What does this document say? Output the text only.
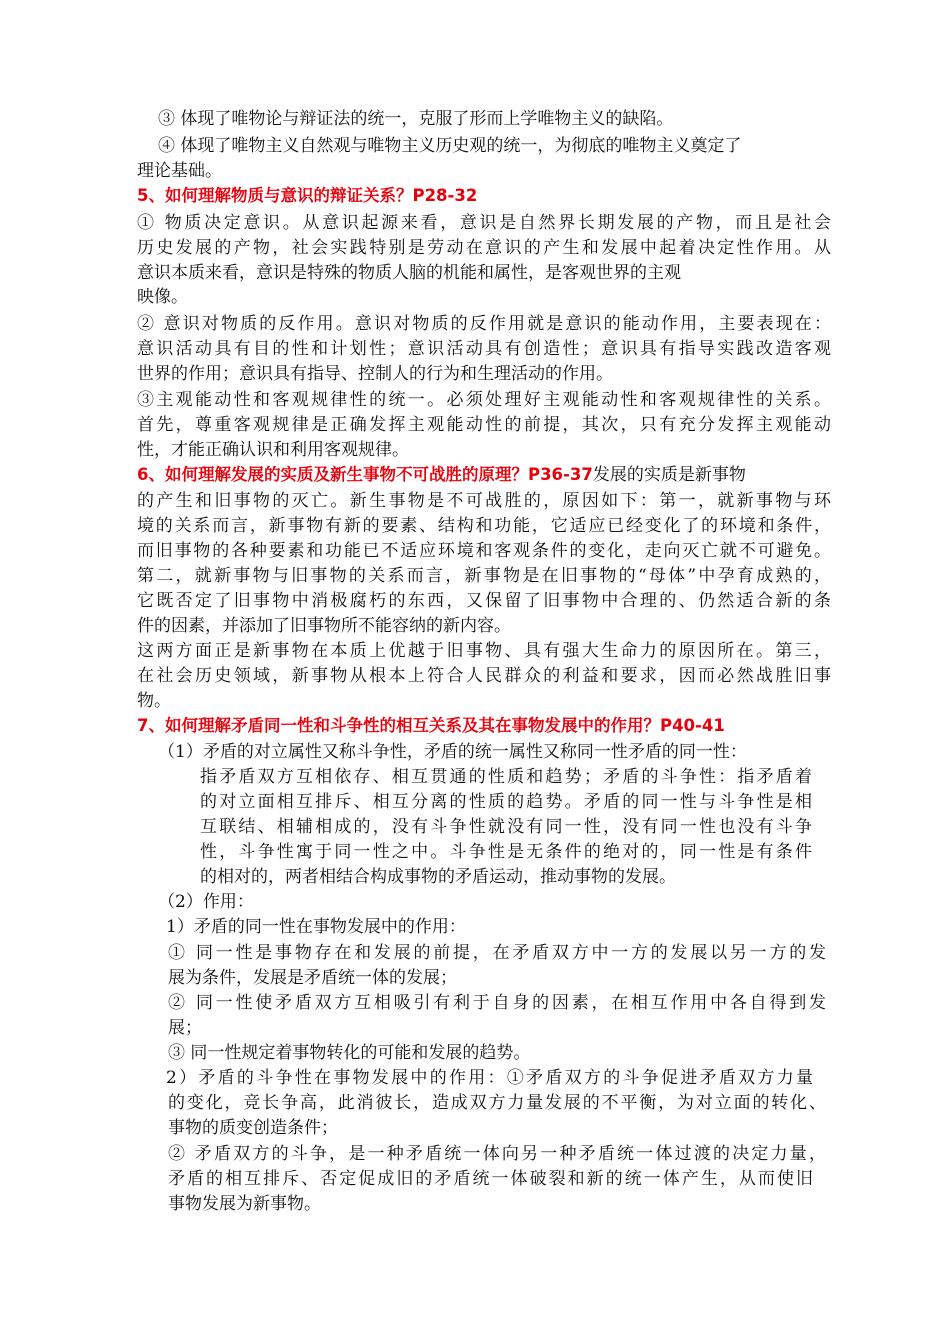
③ 体现了唯物论与辩证法的统一，克服了形而上学唯物主义的缺陷。
④ 体现了唯物主义自然观与唯物主义历史观的统一，为彻底的唯物主义奠定了
理论基础。
5、如何理解物质与意识的辩证关系？P28-32
① 物质决定意识。从意识起源来看，意识是自然界长期发展的产物，而且是社会
历史发展的产物，社会实践特别是劳动在意识的产生和发展中起着决定性作用。从
意识本质来看，意识是特殊的物质人脑的机能和属性，是客观世界的主观
映像。
② 意识对物质的反作用。意识对物质的反作用就是意识的能动作用，主要表现在：
意识活动具有目的性和计划性；意识活动具有创造性；意识具有指导实践改造客观
世界的作用；意识具有指导、控制人的行为和生理活动的作用。
③主观能动性和客观规律性的统一。必须处理好主观能动性和客观规律性的关系。
首先，尊重客观规律是正确发挥主观能动性的前提，其次，只有充分发挥主观能动
性，才能正确认识和利用客观规律。
6、如何理解发展的实质及新生事物不可战胜的原理？P36-37发展的实质是新事物
的产生和旧事物的灭亡。新生事物是不可战胜的，原因如下：第一，就新事物与环
境的关系而言，新事物有新的要素、结构和功能，它适应已经变化了的环境和条件，
而旧事物的各种要素和功能已不适应环境和客观条件的变化，走向灭亡就不可避免。
第二，就新事物与旧事物的关系而言，新事物是在旧事物的“母体”中孕育成熟的，
它既否定了旧事物中消极腐朽的东西，又保留了旧事物中合理的、仍然适合新的条
件的因素，并添加了旧事物所不能容纳的新内容。
这两方面正是新事物在本质上优越于旧事物、具有强大生命力的原因所在。第三，
在社会历史领域，新事物从根本上符合人民群众的利益和要求，因而必然战胜旧事
物。
7、如何理解矛盾同一性和斗争性的相互关系及其在事物发展中的作用？P40-41
（1）矛盾的对立属性又称斗争性，矛盾的统一属性又称同一性矛盾的同一性：
指矛盾双方互相依存、相互贯通的性质和趋势；矛盾的斗争性：指矛盾着
的对立面相互排斥、相互分离的性质的趋势。矛盾的同一性与斗争性是相
互联结、相辅相成的，没有斗争性就没有同一性，没有同一性也没有斗争
性，斗争性寓于同一性之中。斗争性是无条件的绝对的，同一性是有条件
的相对的，两者相结合构成事物的矛盾运动，推动事物的发展。
（2）作用：
1）矛盾的同一性在事物发展中的作用：
① 同一性是事物存在和发展的前提，在矛盾双方中一方的发展以另一方的发
展为条件，发展是矛盾统一体的发展；
② 同一性使矛盾双方互相吸引有利于自身的因素，在相互作用中各自得到发
展；
③ 同一性规定着事物转化的可能和发展的趋势。
2）矛盾的斗争性在事物发展中的作用：①矛盾双方的斗争促进矛盾双方力量
的变化，竞长争高，此消彼长，造成双方力量发展的不平衡，为对立面的转化、
事物的质变创造条件；
② 矛盾双方的斗争，是一种矛盾统一体向另一种矛盾统一体过渡的决定力量，
矛盾的相互排斥、否定促成旧的矛盾统一体破裂和新的统一体产生，从而使旧
事物发展为新事物。
